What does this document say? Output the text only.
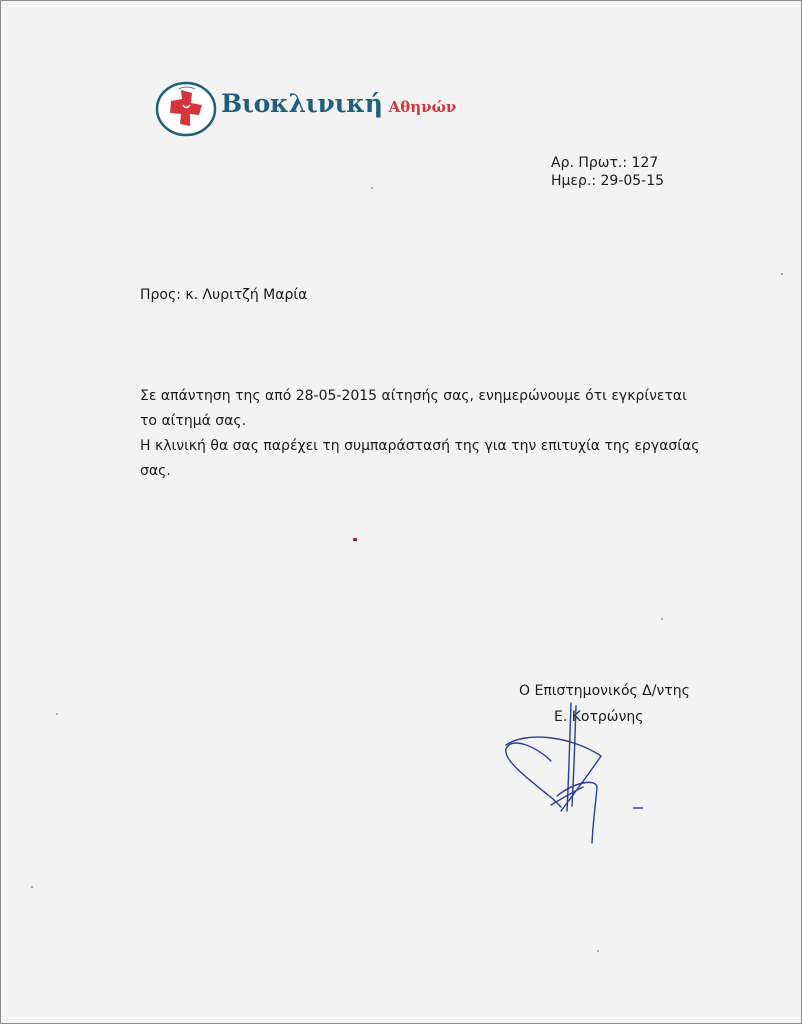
Βιοκλινική Αθηνών
Αρ. Πρωτ.: 127
Ημερ.: 29-05-15
Προς: κ. Λυριτζή Μαρία

Σε απάντηση της από 28-05-2015 αίτησής σας, ενημερώνουμε ότι εγκρίνεται

το αίτημά σας.

Η κλινική θα σας παρέχει τη συμπαράστασή της για την επιτυχία της εργασίας

σας.

Ο Επιστημονικός Δ/ντης
Ε. Κοτρώνης
